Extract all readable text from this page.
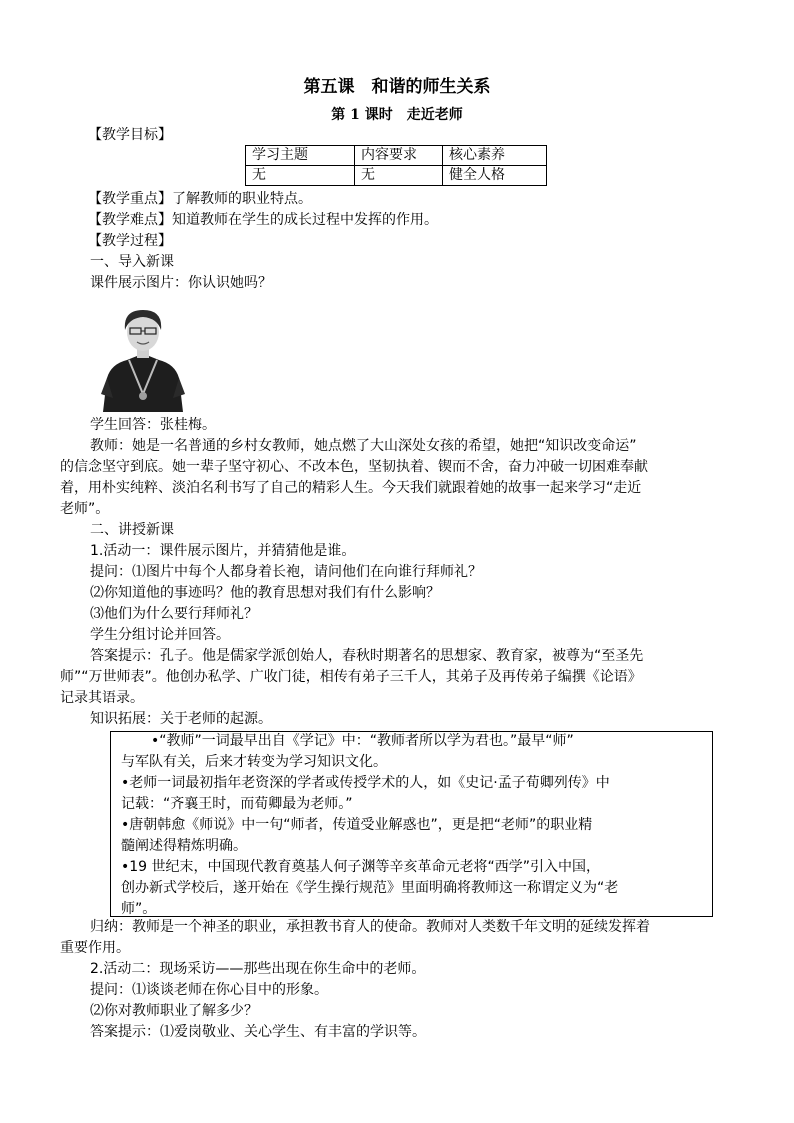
第五课　和谐的师生关系
第 1 课时　走近老师
【教学目标】
学习主题	内容要求	核心素养
无	无	健全人格
【教学重点】了解教师的职业特点。
【教学难点】知道教师在学生的成长过程中发挥的作用。
【教学过程】
一、导入新课
课件展示图片：你认识她吗？
学生回答：张桂梅。
教师：她是一名普通的乡村女教师，她点燃了大山深处女孩的希望，她把“知识改变命运”
的信念坚守到底。她一辈子坚守初心、不改本色，坚韧执着、锲而不舍，奋力冲破一切困难奉献
着，用朴实纯粹、淡泊名利书写了自己的精彩人生。今天我们就跟着她的故事一起来学习“走近
老师”。
二、讲授新课
1.活动一：课件展示图片，并猜猜他是谁。
提问：⑴图片中每个人都身着长袍，请问他们在向谁行拜师礼？
⑵你知道他的事迹吗？他的教育思想对我们有什么影响？
⑶他们为什么要行拜师礼？
学生分组讨论并回答。
答案提示：孔子。他是儒家学派创始人，春秋时期著名的思想家、教育家，被尊为“至圣先
师”“万世师表”。他创办私学、广收门徒，相传有弟子三千人，其弟子及再传弟子编撰《论语》
记录其语录。
知识拓展：关于老师的起源。

•“教师”一词最早出自《学记》中：“教师者所以学为君也。”最早“师”

与军队有关，后来才转变为学习知识文化。

•老师一词最初指年老资深的学者或传授学术的人，如《史记·孟子荀卿列传》中

记载：“齐襄王时，而荀卿最为老师。”

•唐朝韩愈《师说》中一句“师者，传道受业解惑也”，更是把“老师”的职业精

髓阐述得精炼明确。

•19 世纪末，中国现代教育奠基人何子渊等辛亥革命元老将“西学”引入中国，

创办新式学校后，遂开始在《学生操行规范》里面明确将教师这一称谓定义为“老

师”。

归纳：教师是一个神圣的职业，承担教书育人的使命。教师对人类数千年文明的延续发挥着
重要作用。
2.活动二：现场采访——那些出现在你生命中的老师。
提问：⑴谈谈老师在你心目中的形象。
⑵你对教师职业了解多少？
答案提示：⑴爱岗敬业、关心学生、有丰富的学识等。
